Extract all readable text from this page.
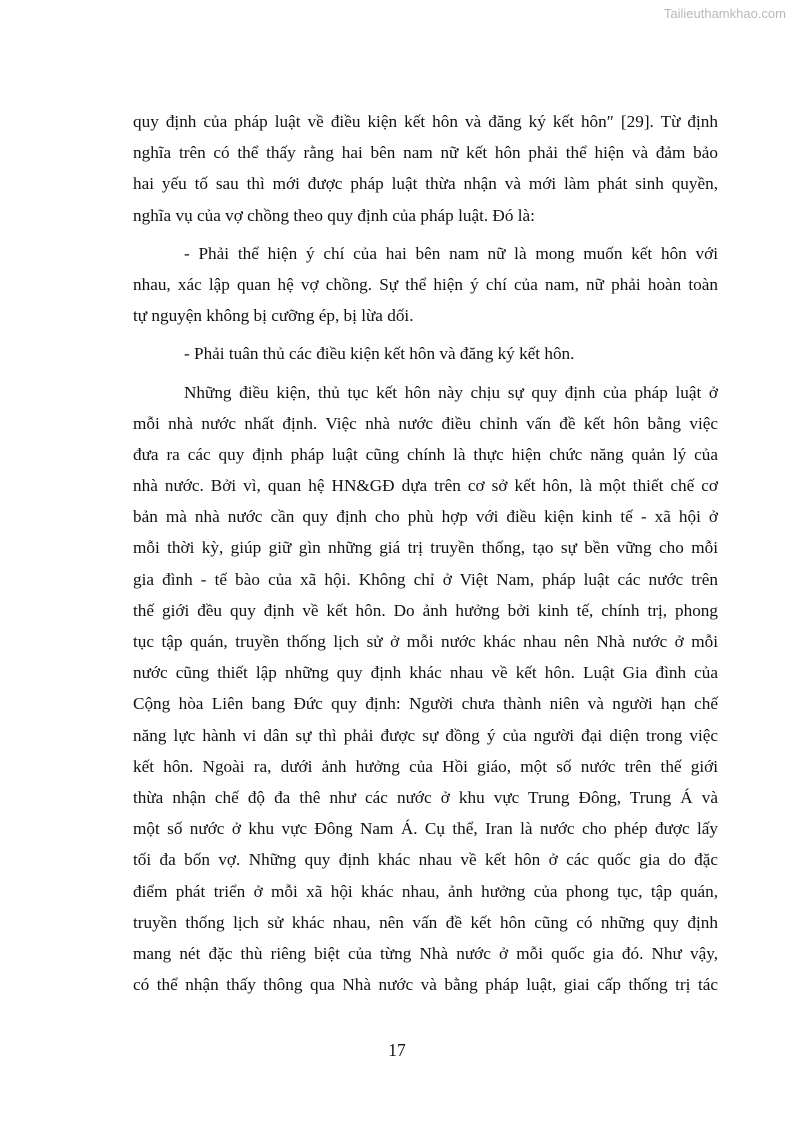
Tailieuthamkhao.com
quy định của pháp luật về điều kiện kết hôn và đăng ký kết hôn″ [29]. Từ định
nghĩa trên có thể thấy rằng hai bên nam nữ kết hôn phải thể hiện và đảm bảo
hai yếu tố sau thì mới được pháp luật thừa nhận và mới làm phát sinh quyền,
nghĩa vụ của vợ chồng theo quy định của pháp luật. Đó là:
- Phải thể hiện ý chí của hai bên nam nữ là mong muốn kết hôn với
nhau, xác lập quan hệ vợ chồng. Sự thể hiện ý chí của nam, nữ phải hoàn toàn
tự nguyện không bị cưỡng ép, bị lừa dối.
- Phải tuân thủ các điều kiện kết hôn và đăng ký kết hôn.
Những điều kiện, thủ tục kết hôn này chịu sự quy định của pháp luật ở
mỗi nhà nước nhất định. Việc nhà nước điều chỉnh vấn đề kết hôn bằng việc
đưa ra các quy định pháp luật cũng chính là thực hiện chức năng quản lý của
nhà nước. Bởi vì, quan hệ HN&GĐ dựa trên cơ sở kết hôn, là một thiết chế cơ
bản mà nhà nước cần quy định cho phù hợp với điều kiện kinh tế - xã hội ở
mỗi thời kỳ, giúp giữ gìn những giá trị truyền thống, tạo sự bền vững cho mỗi
gia đình - tế bào của xã hội. Không chỉ ở Việt Nam, pháp luật các nước trên
thế giới đều quy định về kết hôn. Do ảnh hưởng bởi kinh tế, chính trị, phong
tục tập quán, truyền thống lịch sử ở mỗi nước khác nhau nên Nhà nước ở mỗi
nước cũng thiết lập những quy định khác nhau về kết hôn. Luật Gia đình của
Cộng hòa Liên bang Đức quy định: Người chưa thành niên và người hạn chế
năng lực hành vi dân sự thì phải được sự đồng ý của người đại diện trong việc
kết hôn. Ngoài ra, dưới ảnh hưởng của Hồi giáo, một số nước trên thế giới
thừa nhận chế độ đa thê như các nước ở khu vực Trung Đông, Trung Á và
một số nước ở khu vực Đông Nam Á. Cụ thể, Iran là nước cho phép được lấy
tối đa bốn vợ. Những quy định khác nhau về kết hôn ở các quốc gia do đặc
điểm phát triển ở mỗi xã hội khác nhau, ảnh hưởng của phong tục, tập quán,
truyền thống lịch sử khác nhau, nên vấn đề kết hôn cũng có những quy định
mang nét đặc thù riêng biệt của từng Nhà nước ở mỗi quốc gia đó. Như vậy,
có thể nhận thấy thông qua Nhà nước và bằng pháp luật, giai cấp thống trị tác
17
